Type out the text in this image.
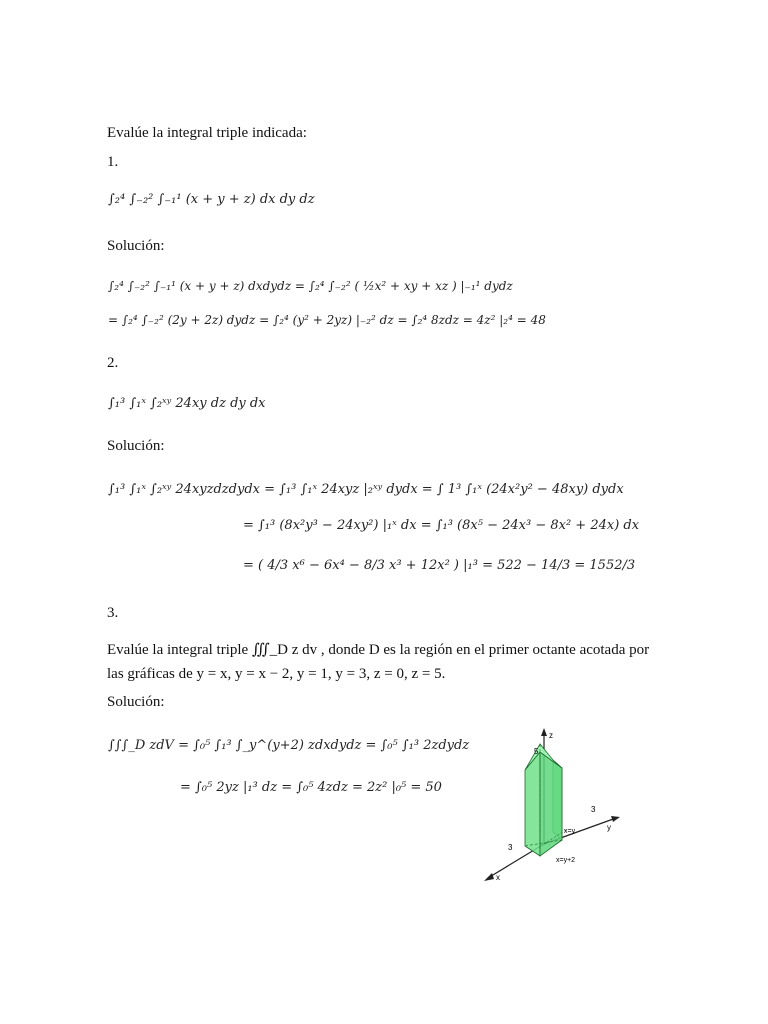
Evalúe la integral triple indicada:
1.
∫₂⁴ ∫₋₂² ∫₋₁¹ (x + y + z) dx dy dz
Solución:
∫₂⁴ ∫₋₂² ∫₋₁¹ (x + y + z) dxdydz = ∫₂⁴ ∫₋₂² ( ½x² + xy + xz ) |₋₁¹ dydz
= ∫₂⁴ ∫₋₂² (2y + 2z) dydz = ∫₂⁴ (y² + 2yz) |₋₂² dz = ∫₂⁴ 8zdz = 4z² |₂⁴ = 48
2.
∫₁³ ∫₁ˣ ∫₂ˣʸ 24xy dz dy dx
Solución:
∫₁³ ∫₁ˣ ∫₂ˣʸ 24xyzdzdydx = ∫₁³ ∫₁ˣ 24xyz |₂ˣʸ dydx = ∫ 1³ ∫₁ˣ (24x²y² − 48xy) dydx
= ∫₁³ (8x²y³ − 24xy²) |₁ˣ dx = ∫₁³ (8x⁵ − 24x³ − 8x² + 24x) dx
= ( 4/3 x⁶ − 6x⁴ − 8/3 x³ + 12x² ) |₁³ = 522 − 14/3 = 1552/3
3.
Evalúe la integral triple ∭_D z dv , donde D es la región en el primer octante acotada por
las gráficas de y = x, y = x − 2, y = 1, y = 3, z = 0, z = 5.
Solución:
∫∫∫_D zdV = ∫₀⁵ ∫₁³ ∫_y^(y+2) zdxdydz = ∫₀⁵ ∫₁³ 2zdydz
= ∫₀⁵ 2yz |₁³ dz = ∫₀⁵ 4zdz = 2z² |₀⁵ = 50
z
y
x
5
3
3
x=y
x=y+2
